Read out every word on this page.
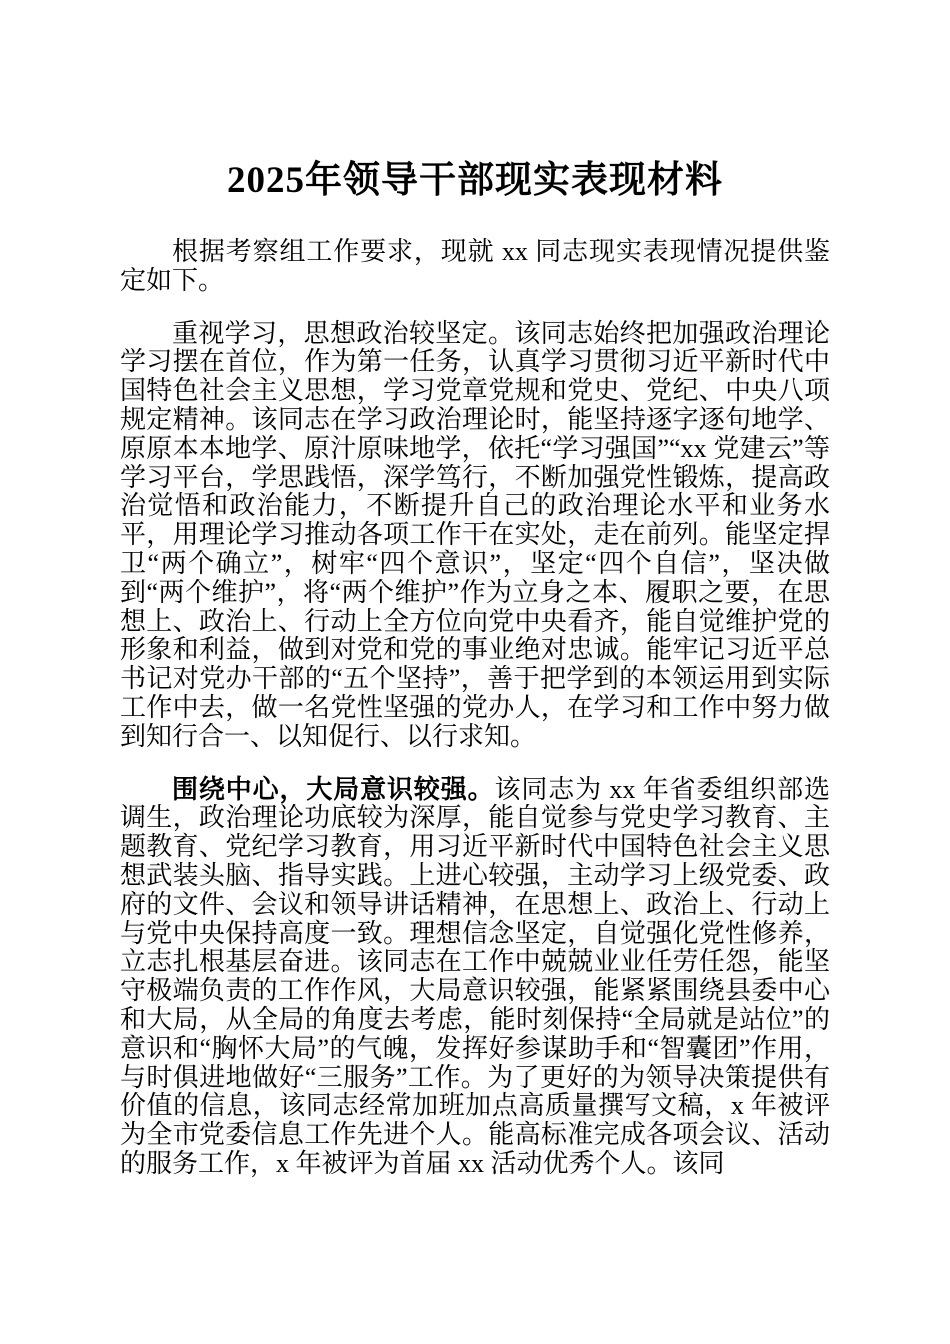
2025年领导干部现实表现材料

根据考察组工作要求，现就 xx 同志现实表现情况提供鉴定如下。

重视学习，思想政治较坚定。该同志始终把加强政治理论学习摆在首位，作为第一任务，认真学习贯彻习近平新时代中国特色社会主义思想，学习党章党规和党史、党纪、中央八项规定精神。该同志在学习政治理论时，能坚持逐字逐句地学、原原本本地学、原汁原味地学，依托“学习强国”“xx 党建云”等学习平台，学思践悟，深学笃行，不断加强党性锻炼，提高政治觉悟和政治能力，不断提升自己的政治理论水平和业务水平，用理论学习推动各项工作干在实处，走在前列。能坚定捍卫“两个确立”，树牢“四个意识”，坚定“四个自信”，坚决做到“两个维护”，将“两个维护”作为立身之本、履职之要，在思想上、政治上、行动上全方位向党中央看齐，能自觉维护党的形象和利益，做到对党和党的事业绝对忠诚。能牢记习近平总书记对党办干部的“五个坚持”，善于把学到的本领运用到实际工作中去，做一名党性坚强的党办人，在学习和工作中努力做到知行合一、以知促行、以行求知。

围绕中心，大局意识较强。该同志为 xx 年省委组织部选调生，政治理论功底较为深厚，能自觉参与党史学习教育、主题教育、党纪学习教育，用习近平新时代中国特色社会主义思想武装头脑、指导实践。上进心较强，主动学习上级党委、政府的文件、会议和领导讲话精神，在思想上、政治上、行动上与党中央保持高度一致。理想信念坚定，自觉强化党性修养，立志扎根基层奋进。该同志在工作中兢兢业业任劳任怨，能坚守极端负责的工作作风，大局意识较强，能紧紧围绕县委中心和大局，从全局的角度去考虑，能时刻保持“全局就是站位”的意识和“胸怀大局”的气魄，发挥好参谋助手和“智囊团”作用，与时俱进地做好“三服务”工作。为了更好的为领导决策提供有价值的信息，该同志经常加班加点高质量撰写文稿，x 年被评为全市党委信息工作先进个人。能高标准完成各项会议、活动的服务工作，x 年被评为首届 xx 活动优秀个人。该同
